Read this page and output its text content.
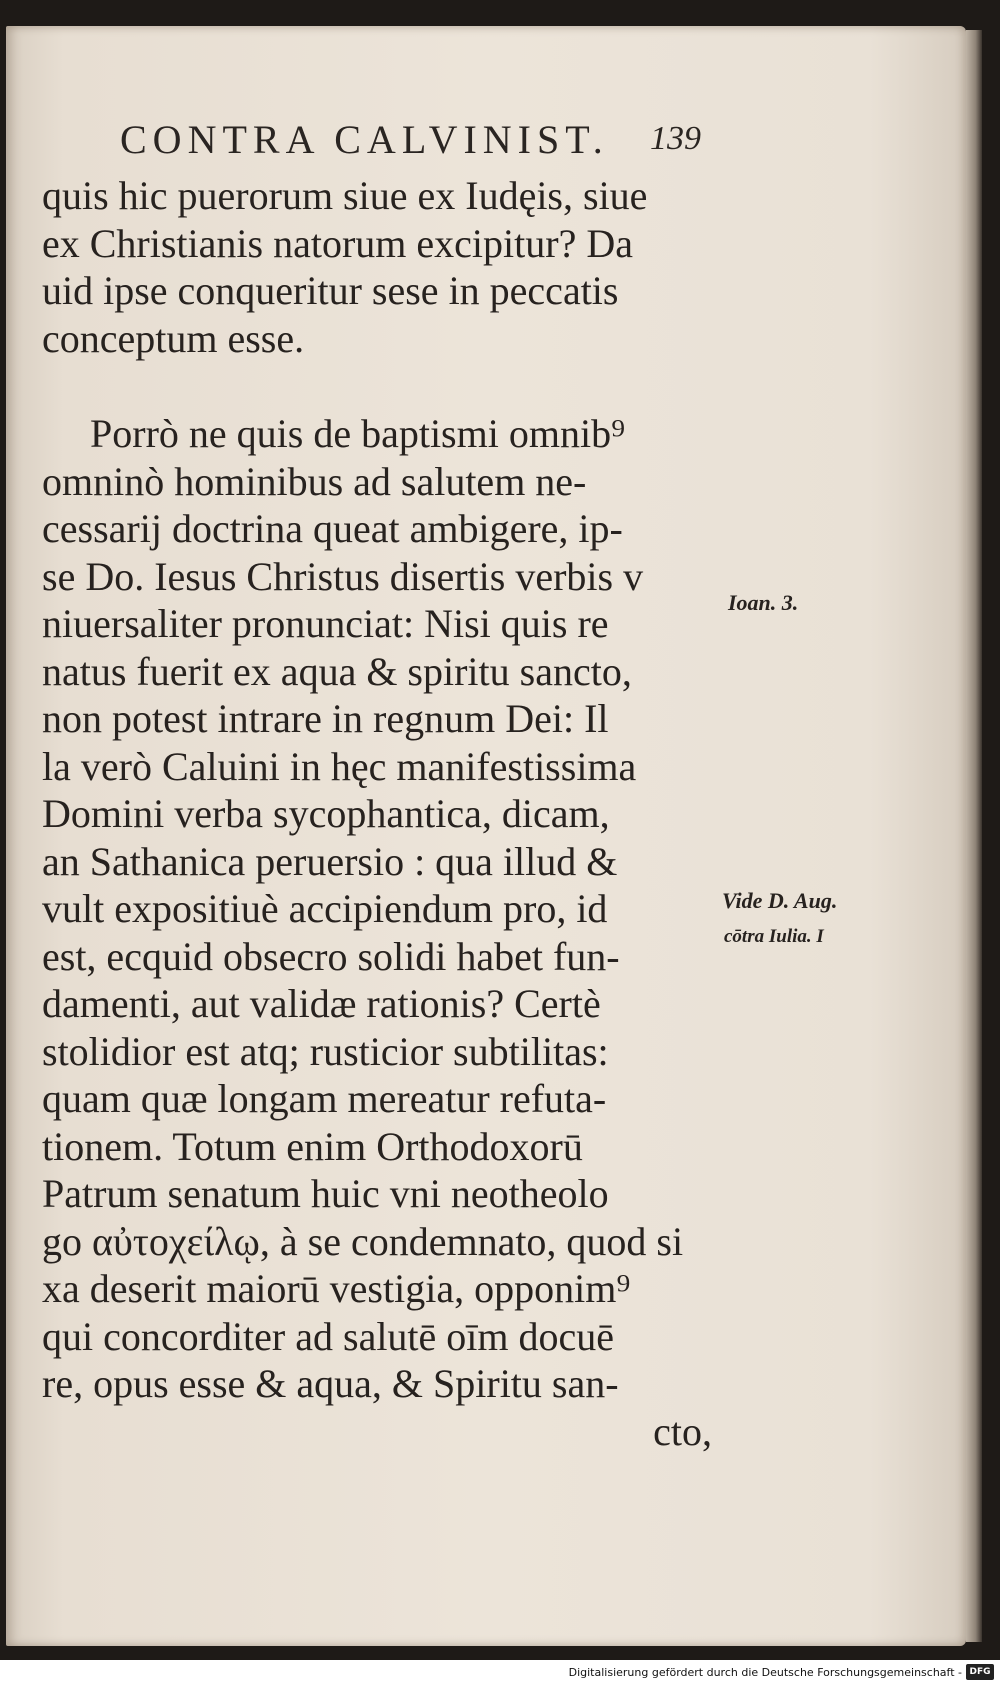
CONTRA CALVINIST. 139
quis hic puerorum siue ex Iudęis, siue
ex Christianis natorum excipitur? Da
uid ipse conqueritur sese in peccatis
conceptum esse.
Porrò ne quis de baptismi omnib⁹
omninò hominibus ad salutem ne-
cessarij doctrina queat ambigere, ip-
se Do. Iesus Christus disertis verbis v
niuersaliter pronunciat: Nisi quis re
natus fuerit ex aqua & spiritu sancto,
non potest intrare in regnum Dei: Il
la verò Caluini in hęc manifestissima
Domini verba sycophantica, dicam,
an Sathanica peruersio : qua illud &
vult expositiuè accipiendum pro, id
est, ecquid obsecro solidi habet fun-
damenti, aut validæ rationis? Certè
stolidior est atq; rusticior subtilitas:
quam quæ longam mereatur refuta-
tionem. Totum enim Orthodoxorū
Patrum senatum huic vni neotheolo
go αὐτοχείλῳ, à se condemnato, quod si
xa deserit maiorū vestigia, opponim⁹
qui concorditer ad salutē oīm docuē
re, opus esse & aqua, & Spiritu san-
cto,
Ioan. 3.
Vide D. Aug.
cōtra Iulia. I
Digitalisierung gefördert durch die Deutsche Forschungsgemeinschaft - DFG
